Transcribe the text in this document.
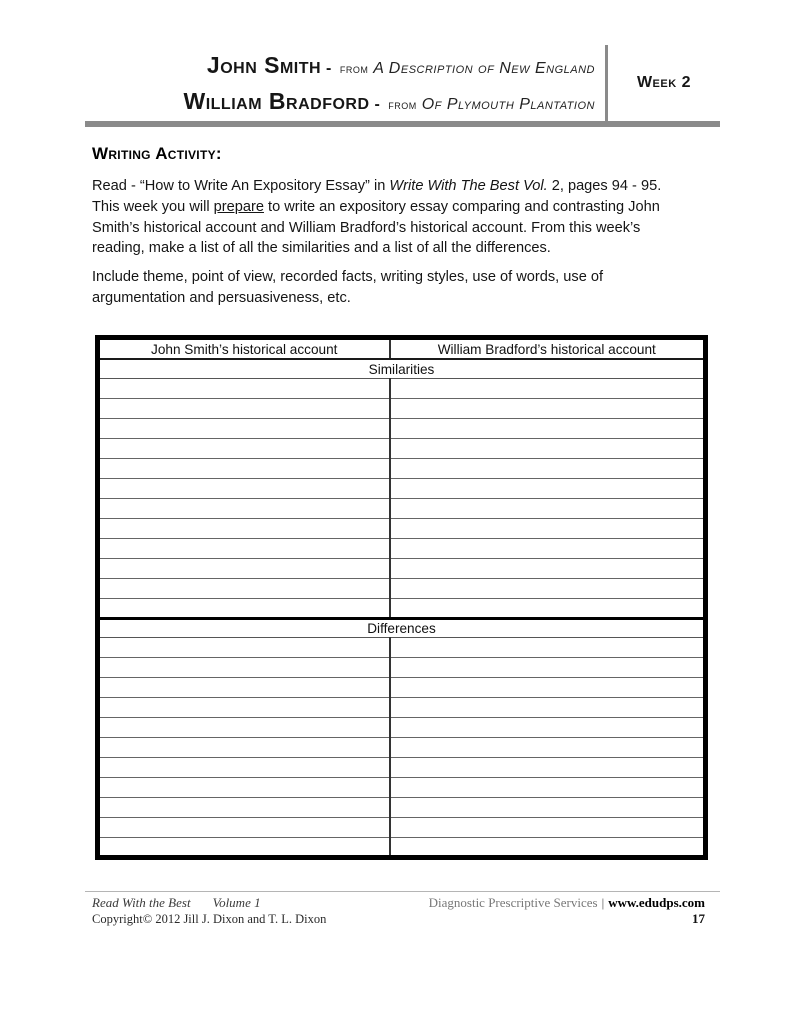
John Smith - from A Description of New England
William Bradford - from Of Plymouth Plantation
Week 2
Writing Activity:

Read - “How to Write An Expository Essay” in Write With The Best Vol. 2, pages 94 - 95.

This week you will prepare to write an expository essay comparing and contrasting John Smith’s historical account and William Bradford’s historical account. From this week’s reading, make a list of all the similarities and a list of all the differences.

Include theme, point of view, recorded facts, writing styles, use of words, use of argumentation and persuasiveness, etc.

John Smith’s historical account	William Bradford’s historical account
Similarities	

Differences	

Read With the Best Volume 1
Copyright© 2012 Jill J. Dixon and T. L. Dixon
Diagnostic Prescriptive Services | www.edudps.com
17
